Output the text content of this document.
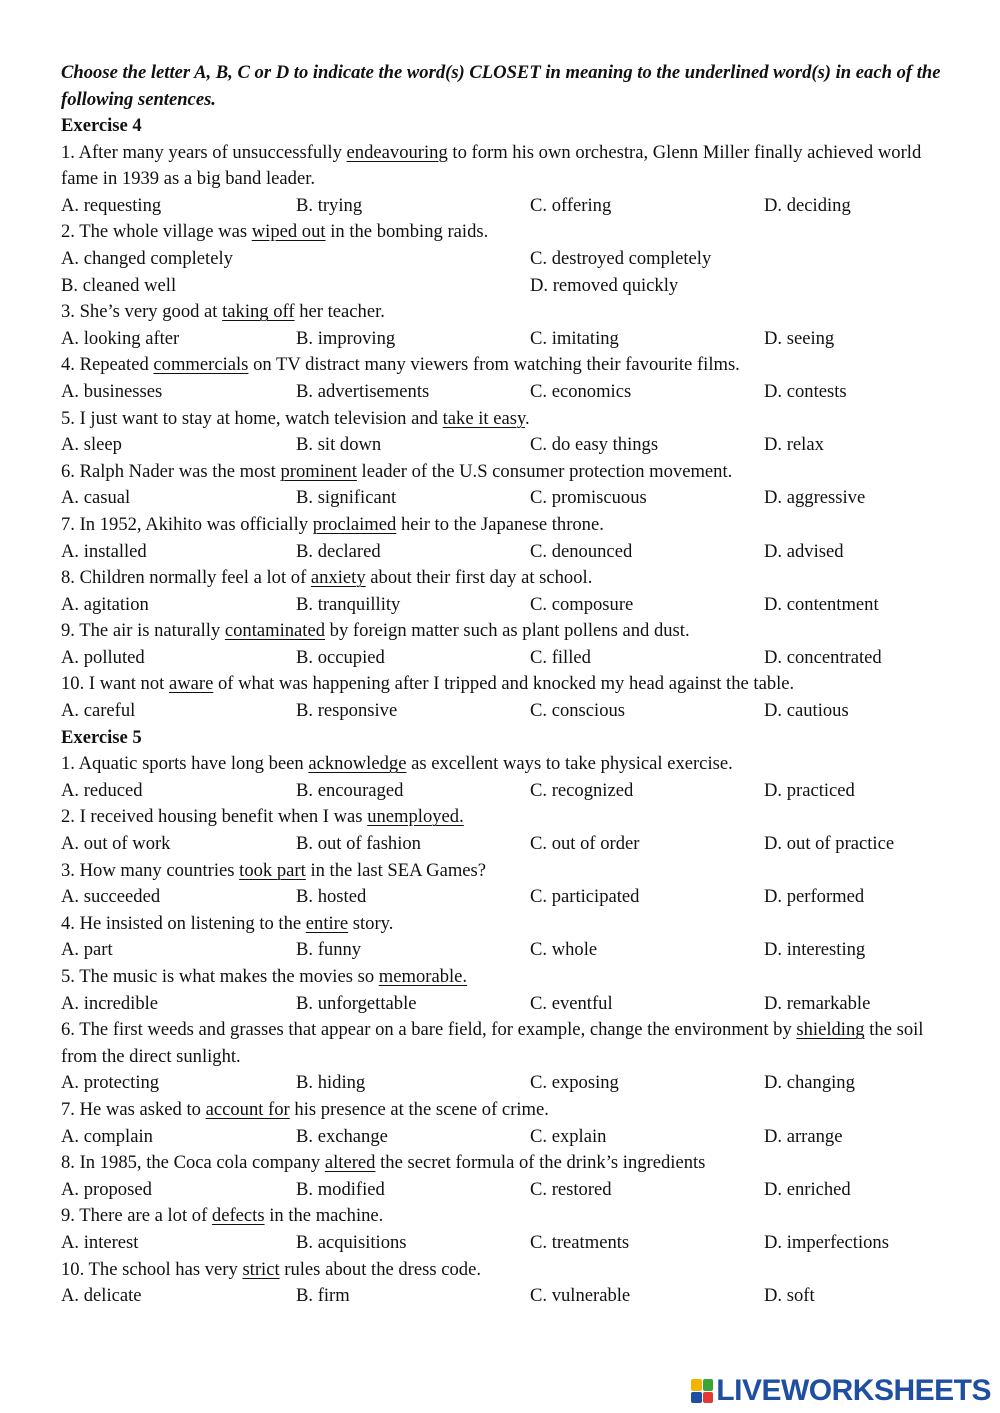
Choose the letter A, B, C or D to indicate the word(s) CLOSET in meaning to the underlined word(s) in each of the following sentences.

Exercise 4

1. After many years of unsuccessfully endeavouring to form his own orchestra, Glenn Miller finally achieved world fame in 1939 as a big band leader.

A. requesting	B. trying	C. offering	D. deciding

2. The whole village was wiped out in the bombing raids.

A. changed completely	C. destroyed completely
B. cleaned well	D. removed quickly

3. She’s very good at taking off her teacher.

A. looking after	B. improving	C. imitating	D. seeing

4. Repeated commercials on TV distract many viewers from watching their favourite films.

A. businesses	B. advertisements	C. economics	D. contests

5. I just want to stay at home, watch television and take it easy.

A. sleep	B. sit down	C. do easy things	D. relax

6. Ralph Nader was the most prominent leader of the U.S consumer protection movement.

A. casual	B. significant	C. promiscuous	D. aggressive

7. In 1952, Akihito was officially proclaimed heir to the Japanese throne.

A. installed	B. declared	C. denounced	D. advised

8. Children normally feel a lot of anxiety about their first day at school.

A. agitation	B. tranquillity	C. composure	D. contentment

9. The air is naturally contaminated by foreign matter such as plant pollens and dust.

A. polluted	B. occupied	C. filled	D. concentrated

10. I want not aware of what was happening after I tripped and knocked my head against the table.

A. careful	B. responsive	C. conscious	D. cautious

Exercise 5

1. Aquatic sports have long been acknowledge as excellent ways to take physical exercise.

A. reduced	B. encouraged	C. recognized	D. practiced

2. I received housing benefit when I was unemployed.

A. out of work	B. out of fashion	C. out of order	D. out of practice

3. How many countries took part in the last SEA Games?

A. succeeded	B. hosted	C. participated	D. performed

4. He insisted on listening to the entire story.

A. part	B. funny	C. whole	D. interesting

5. The music is what makes the movies so memorable.

A. incredible	B. unforgettable	C. eventful	D. remarkable

6. The first weeds and grasses that appear on a bare field, for example, change the environment by shielding the soil from the direct sunlight.

A. protecting	B. hiding	C. exposing	D. changing

7. He was asked to account for his presence at the scene of crime.

A. complain	B. exchange	C. explain	D. arrange

8. In 1985, the Coca cola company altered the secret formula of the drink’s ingredients

A. proposed	B. modified	C. restored	D. enriched

9. There are a lot of defects in the machine.

A. interest	B. acquisitions	C. treatments	D. imperfections

10. The school has very strict rules about the dress code.

A. delicate	B. firm	C. vulnerable	D. soft
LIVEWORKSHEETS
